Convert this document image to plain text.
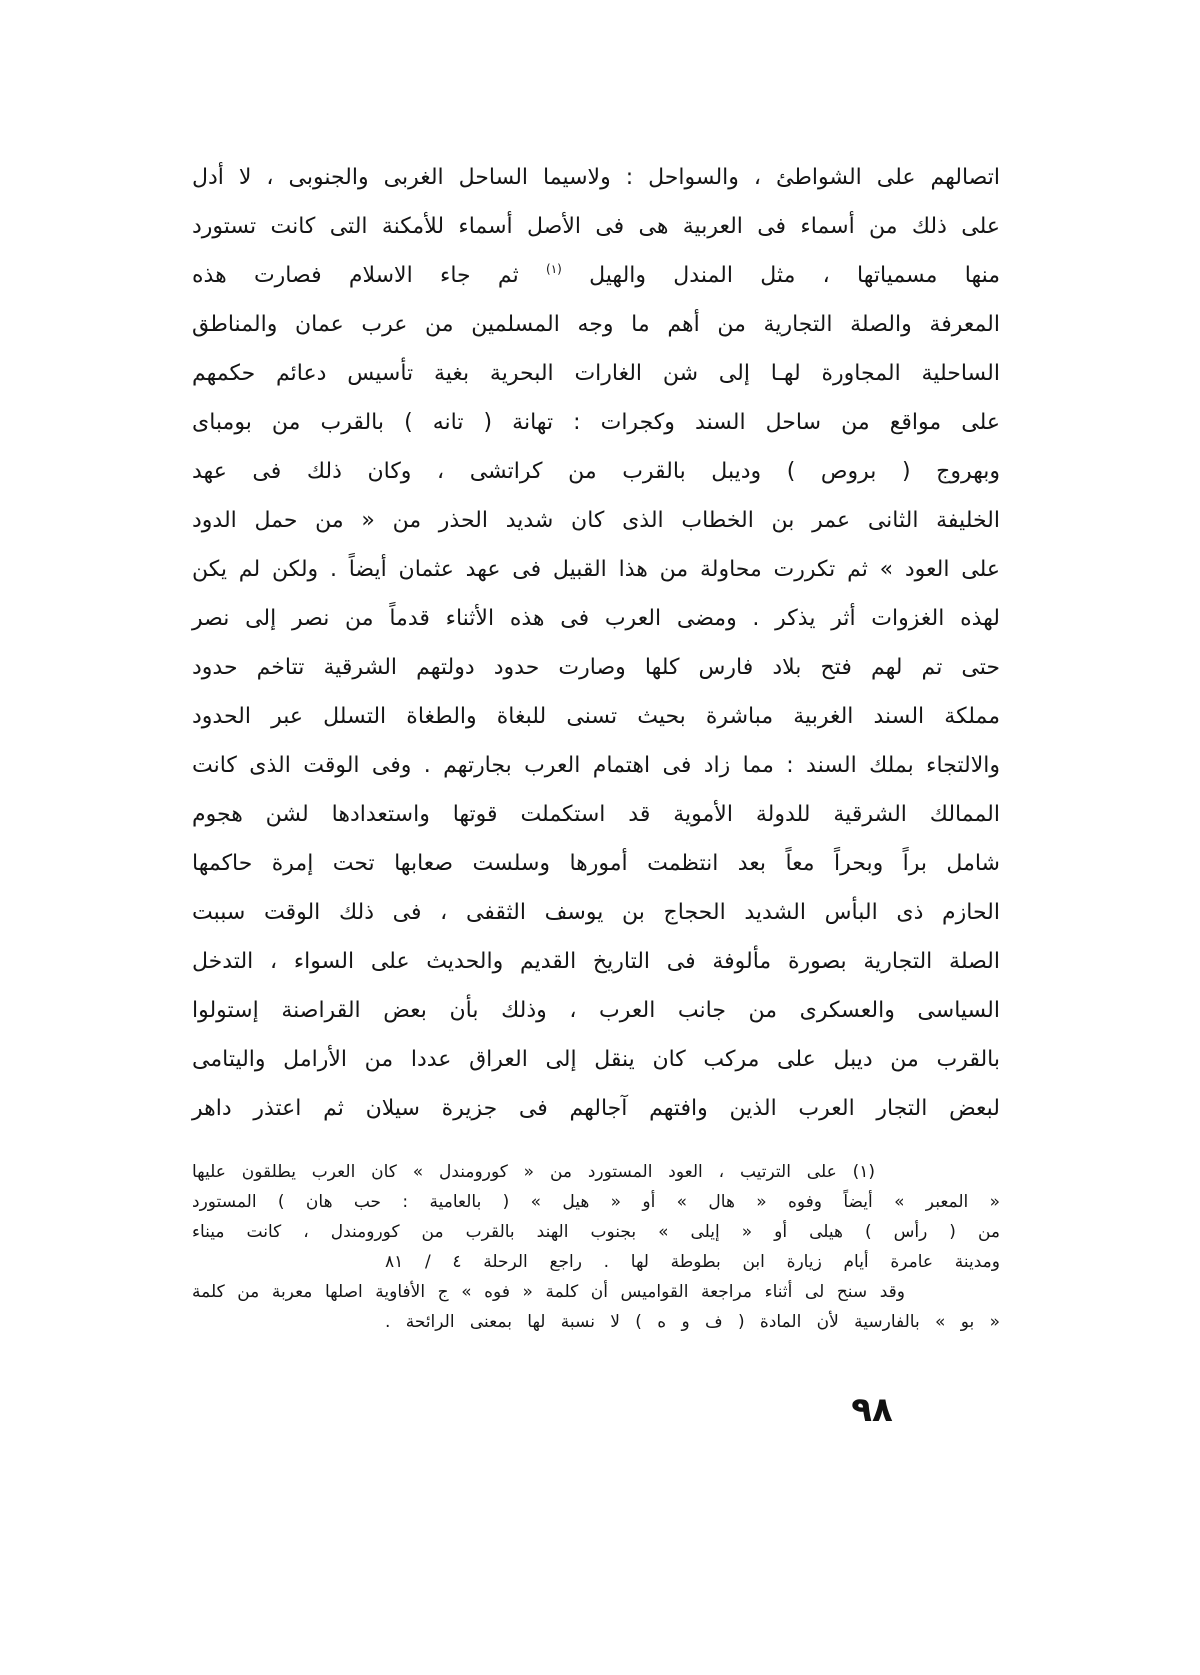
اتصالهم على الشواطئ ، والسواحل : ولاسيما الساحل الغربى والجنوبى ، لا أدل
على ذلك من أسماء فى العربية هى فى الأصل أسماء للأمكنة التى كانت تستورد
منها مسمياتها ، مثل المندل والهيل $^{(١)}$ ثم جاء الاسلام فصارت هذه
المعرفة والصلة التجارية من أهم ما وجه المسلمين من عرب عمان والمناطق
الساحلية المجاورة لهـا إلى شن الغارات البحرية بغية تأسيس دعائم حكمهم
على مواقع من ساحل السند وكجرات : تهانة ( تانه ) بالقرب من بومباى
وبهروج ( بروص ) وديبل بالقرب من كراتشى ، وكان ذلك فى عهد
الخليفة الثانى عمر بن الخطاب الذى كان شديد الحذر من « من حمل الدود
على العود » ثم تكررت محاولة من هذا القبيل فى عهد عثمان أيضاً . ولكن لم يكن
لهذه الغزوات أثر يذكر . ومضى العرب فى هذه الأثناء قدماً من نصر إلى نصر
حتى تم لهم فتح بلاد فارس كلها وصارت حدود دولتهم الشرقية تتاخم حدود
مملكة السند الغربية مباشرة بحيث تسنى للبغاة والطغاة التسلل عبر الحدود
والالتجاء بملك السند : مما زاد فى اهتمام العرب بجارتهم . وفى الوقت الذى كانت
الممالك الشرقية للدولة الأموية قد استكملت قوتها واستعدادها لشن هجوم
شامل براً وبحراً معاً بعد انتظمت أمورها وسلست صعابها تحت إمرة حاكمها
الحازم ذى البأس الشديد الحجاج بن يوسف الثقفى ، فى ذلك الوقت سببت
الصلة التجارية بصورة مألوفة فى التاريخ القديم والحديث على السواء ، التدخل
السياسى والعسكرى من جانب العرب ، وذلك بأن بعض القراصنة إستولوا
بالقرب من ديبل على مركب كان ينقل إلى العراق عددا من الأرامل واليتامى
لبعض التجار العرب الذين وافتهم آجالهم فى جزيرة سيلان ثم اعتذر داهر
(١) على الترتيب ، العود المستورد من « كورومندل » كان العرب يطلقون عليها
« المعبر » أيضاً وفوه « هال » أو « هيل » ( بالعامية : حب هان ) المستورد
من ( رأس ) هيلى أو « إيلى » بجنوب الهند بالقرب من كورومندل ، كانت ميناء
ومدينة عامرة أيام زيارة ابن بطوطة لها . راجع الرحلة ٤ / ٨١
وقد سنح لى أثناء مراجعة القواميس أن كلمة « فوه » ج الأفاوية اصلها معربة من كلمة
« بو » بالفارسية لأن المادة ( ف و ه ) لا نسبة لها بمعنى الرائحة .
٩٨
